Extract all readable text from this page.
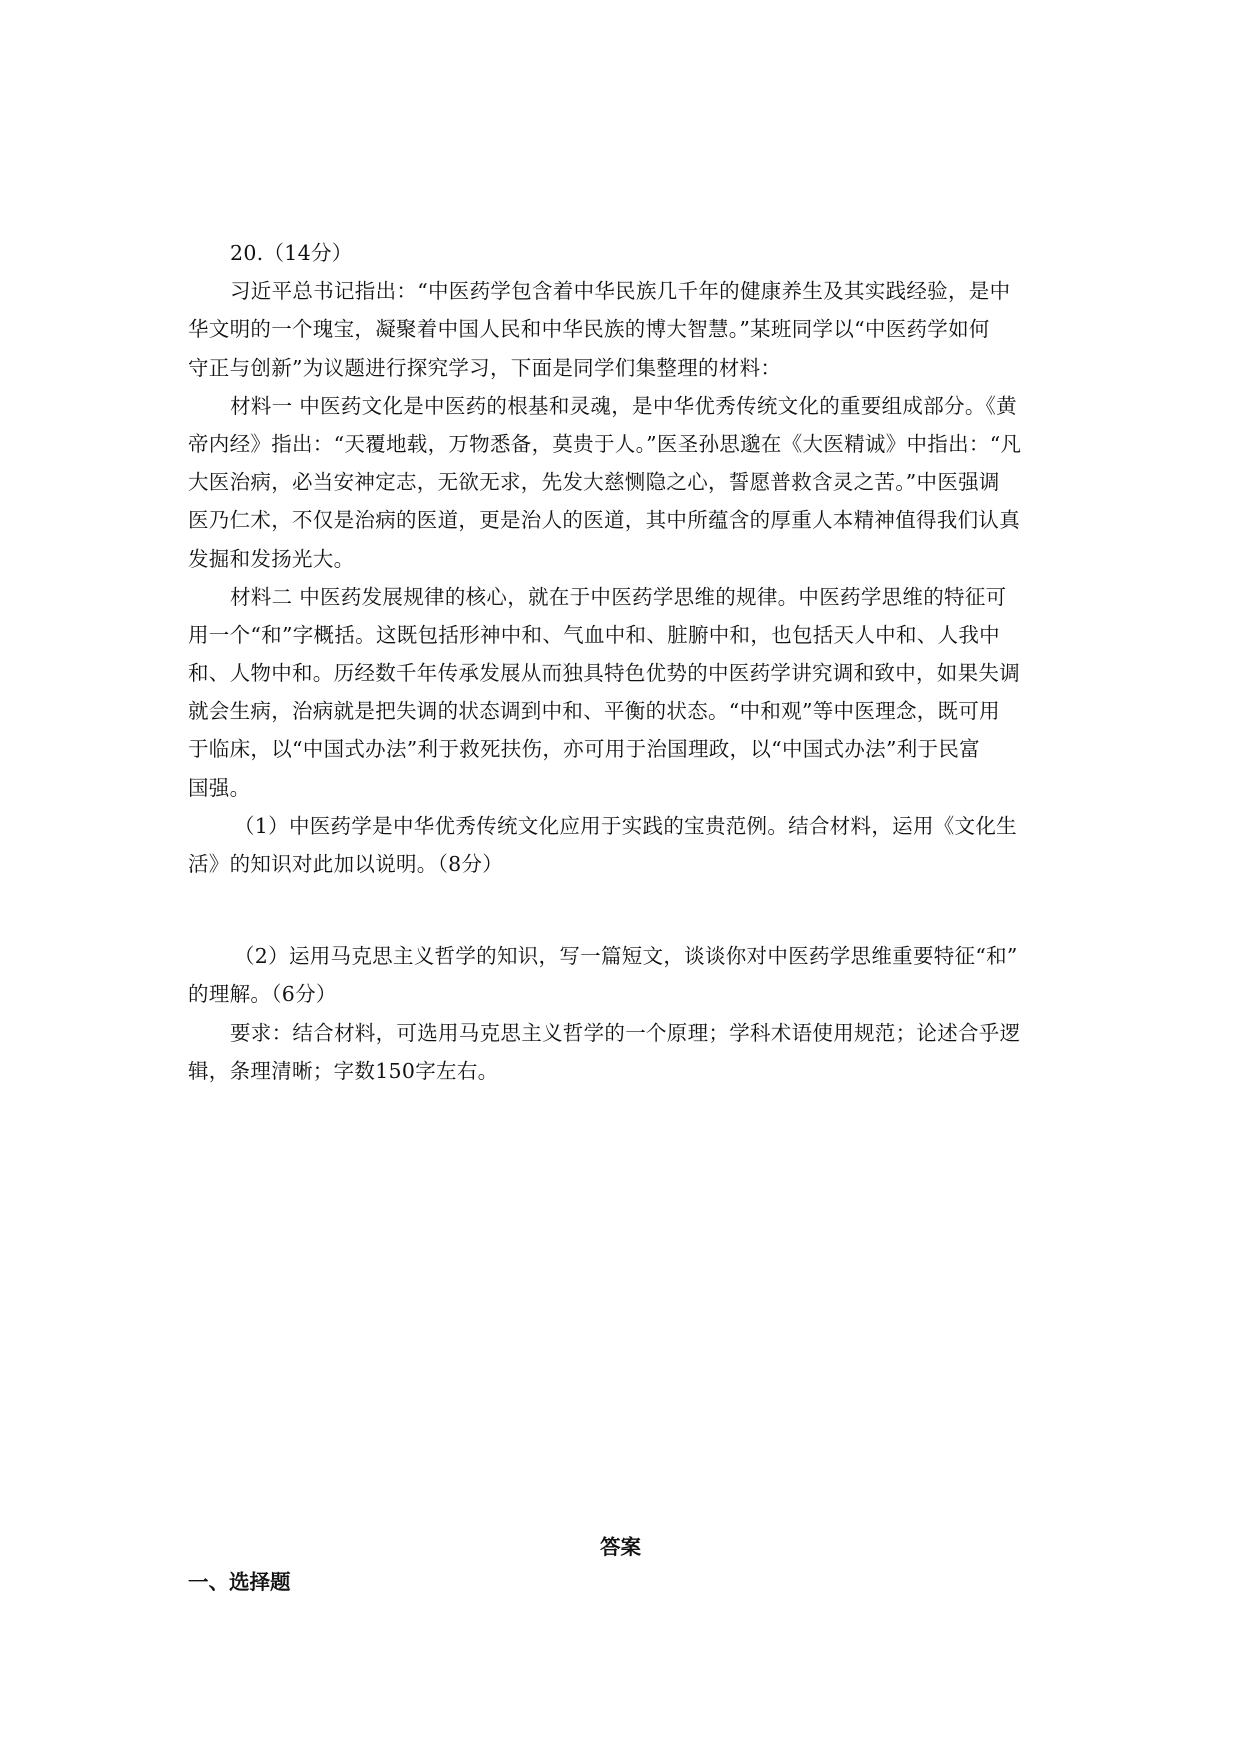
20.（14分）
习近平总书记指出：“中医药学包含着中华民族几千年的健康养生及其实践经验，是中
华文明的一个瑰宝，凝聚着中国人民和中华民族的博大智慧。”某班同学以“中医药学如何
守正与创新”为议题进行探究学习，下面是同学们集整理的材料：
材料一 中医药文化是中医药的根基和灵魂，是中华优秀传统文化的重要组成部分。《黄
帝内经》指出：“天覆地载，万物悉备，莫贵于人。”医圣孙思邈在《大医精诚》中指出：“凡
大医治病，必当安神定志，无欲无求，先发大慈恻隐之心，誓愿普救含灵之苦。”中医强调
医乃仁术，不仅是治病的医道，更是治人的医道，其中所蕴含的厚重人本精神值得我们认真
发掘和发扬光大。
材料二 中医药发展规律的核心，就在于中医药学思维的规律。中医药学思维的特征可
用一个“和”字概括。这既包括形神中和、气血中和、脏腑中和，也包括天人中和、人我中
和、人物中和。历经数千年传承发展从而独具特色优势的中医药学讲究调和致中，如果失调
就会生病，治病就是把失调的状态调到中和、平衡的状态。“中和观”等中医理念，既可用
于临床，以“中国式办法”利于救死扶伤，亦可用于治国理政，以“中国式办法”利于民富
国强。
（1）中医药学是中华优秀传统文化应用于实践的宝贵范例。结合材料，运用《文化生
活》的知识对此加以说明。（8分）
（2）运用马克思主义哲学的知识，写一篇短文，谈谈你对中医药学思维重要特征“和”
的理解。（6分）
要求：结合材料，可选用马克思主义哲学的一个原理；学科术语使用规范；论述合乎逻
辑，条理清晰；字数150字左右。
答案
一、选择题
